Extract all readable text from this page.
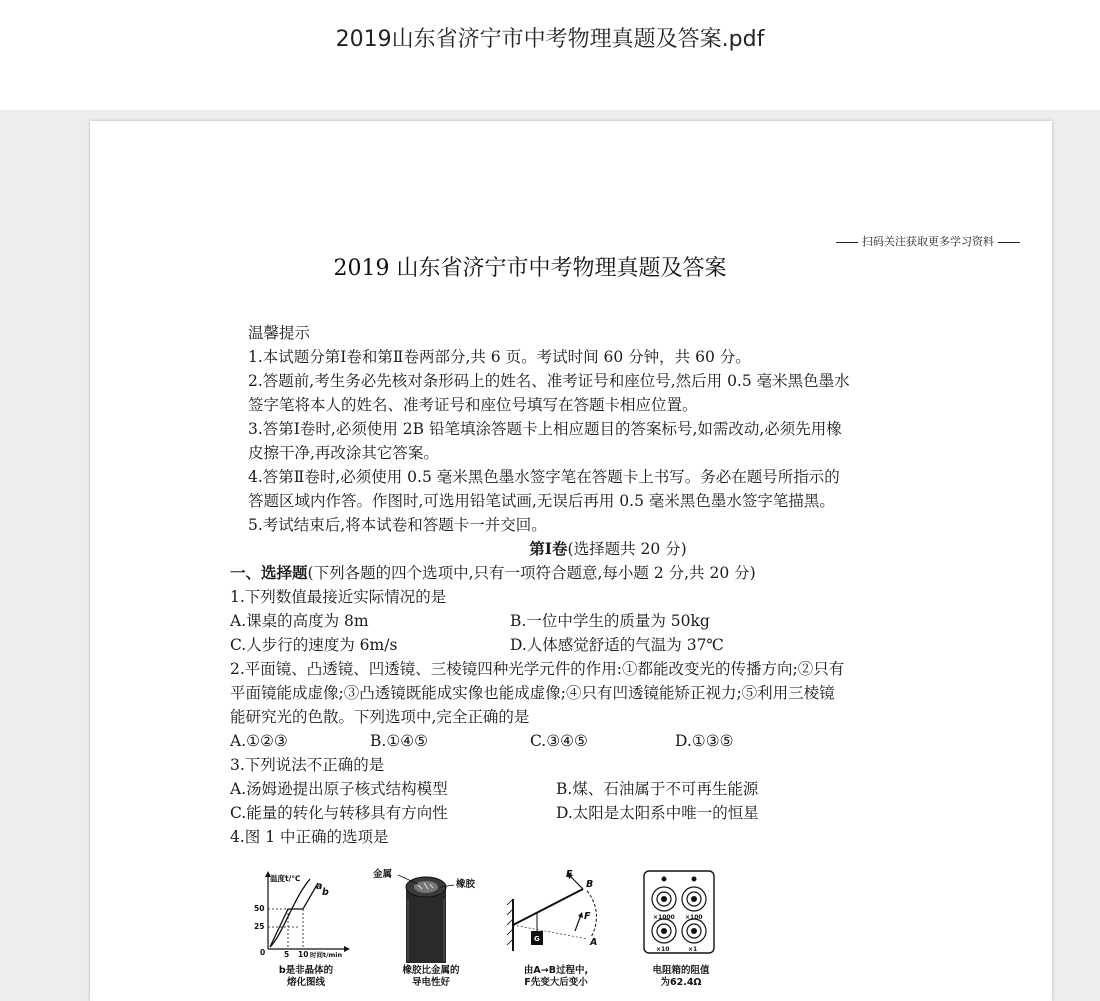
2019山东省济宁市中考物理真题及答案.pdf
扫码关注获取更多学习资料
2019 山东省济宁市中考物理真题及答案

温馨提示

1.本试题分第Ⅰ卷和第Ⅱ卷两部分,共 6 页。考试时间 60 分钟，共 60 分。

2.答题前,考生务必先核对条形码上的姓名、准考证号和座位号,然后用 0.5 毫米黑色墨水

签字笔将本人的姓名、准考证号和座位号填写在答题卡相应位置。

3.答第Ⅰ卷时,必须使用 2B 铅笔填涂答题卡上相应题目的答案标号,如需改动,必须先用橡

皮擦干净,再改涂其它答案。

4.答第Ⅱ卷时,必须使用 0.5 毫米黑色墨水签字笔在答题卡上书写。务必在题号所指示的

答题区域内作答。作图时,可选用铅笔试画,无误后再用 0.5 毫米黑色墨水签字笔描黑。

5.考试结束后,将本试卷和答题卡一并交回。

第Ⅰ卷(选择题共 20 分)

一、选择题(下列各题的四个选项中,只有一项符合题意,每小题 2 分,共 20 分)

1.下列数值最接近实际情况的是

A.课桌的高度为 8m	B.一位中学生的质量为 50kg
C.人步行的速度为 6m/s	D.人体感觉舒适的气温为 37℃

2.平面镜、凸透镜、凹透镜、三棱镜四种光学元件的作用:①都能改变光的传播方向;②只有

平面镜能成虚像;③凸透镜既能成实像也能成虚像;④只有凹透镜能矫正视力;⑤利用三棱镜

能研究光的色散。下列选项中,完全正确的是

A.①②③	B.①④⑤	C.③④⑤	D.①③⑤

3.下列说法不正确的是

A.汤姆逊提出原子核式结构模型	B.煤、石油属于不可再生能源
C.能量的转化与转移具有方向性	D.太阳是太阳系中唯一的恒星

4.图 1 中正确的选项是

温度t/℃
a
b
50
25
0	5 10 时间t/min
b是非晶体的
熔化图线
金属
橡胶
橡胶比金属的
导电性好
F
B
F
A
G
由A→B过程中,
F先变大后变小
×1000 ×100
×10	×1
电阻箱的阻值
为62.4Ω
